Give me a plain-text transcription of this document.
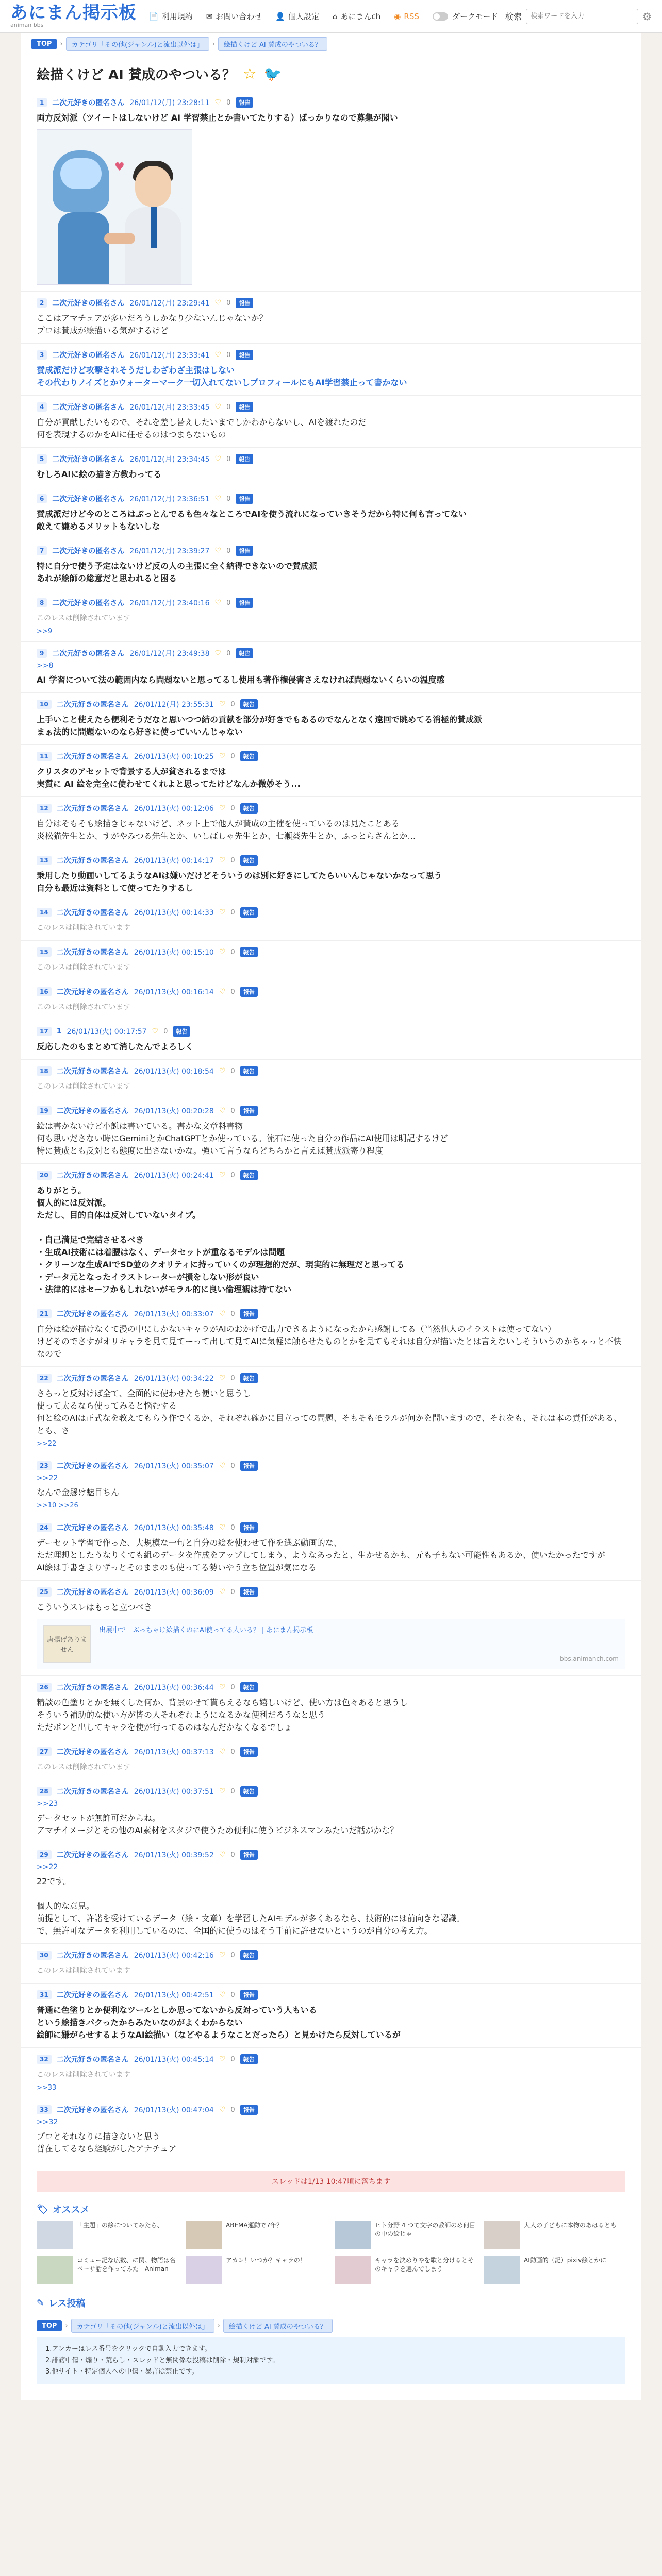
あにまん掲示板
animan bbs
📄 利用規約 ✉ お問い合わせ 👤 個人設定 ⌂ あにまんch ◉ RSS	ダークモード 検索
検索ワードを入力	⚙
TOP	›	カテゴリ「その他(ジャンル)と流出以外は」	›	絵描くけど AI 賛成のやついる？
絵描くけど AI 賛成のやついる？ ☆ 🐦
1	二次元好きの匿名さん 26/01/12(月) 23:28:11 ♡ 0	報告
両方反対派（ツイートはしないけど AI 学習禁止とか書いてたりする）ばっかりなので募集が聞い
♥
2	二次元好きの匿名さん 26/01/12(月) 23:29:41 ♡ 0	報告
ここはアマチュアが多いだろうしかなり少ないんじゃないか？
プロは賛成が絵描いる気がするけど
3	二次元好きの匿名さん 26/01/12(月) 23:33:41 ♡ 0	報告
賛成派だけど攻撃されそうだしわざわざ主張はしない
その代わりノイズとかウォーターマーク一切入れてないしプロフィールにもAI学習禁止って書かない
4	二次元好きの匿名さん 26/01/12(月) 23:33:45 ♡ 0	報告
自分が貢献したいもので、それを差し替えしたいまでしかわからないし、AIを渡れたのだ
何を表現するのかをAIに任せるのはつまらないもの
5	二次元好きの匿名さん 26/01/12(月) 23:34:45 ♡ 0	報告
むしろAIに絵の描き方教わってる
6	二次元好きの匿名さん 26/01/12(月) 23:36:51 ♡ 0	報告
賛成派だけど今のところはぶっとんでるも色々なところでAIを使う流れになっていきそうだから特に何も言ってない
敵えて嫌めるメリットもないしな
7	二次元好きの匿名さん 26/01/12(月) 23:39:27 ♡ 0	報告
特に自分で使う予定はないけど反の人の主張に全く納得できないので賛成派
あれが絵師の総意だと思われると困る
8	二次元好きの匿名さん 26/01/12(月) 23:40:16 ♡ 0	報告
このレスは削除されています
>>9
9	二次元好きの匿名さん 26/01/12(月) 23:49:38 ♡ 0	報告
>>8
AI 学習について法の範囲内なら問題ないと思ってるし使用も著作権侵害さえなければ問題ないくらいの温度感
10	二次元好きの匿名さん 26/01/12(月) 23:55:31 ♡ 0	報告
上手いこと使えたら便利そうだなと思いつつ結の貢献を部分が好きでもあるのでなんとなく遠回で眺めてる消極的賛成派
まぁ法的に問題ないのなら好きに使っていいんじゃない
11	二次元好きの匿名さん 26/01/13(火) 00:10:25 ♡ 0	報告
クリスタのアセットで背景する人が貧されるまでは
実質に AI 絵を完全に使わせてくれよと思ってたけどなんか微妙そう...
12	二次元好きの匿名さん 26/01/13(火) 00:12:06 ♡ 0	報告
自分はそもそも絵描きじゃないけど、ネット上で他人が賛成の主催を使っているのは見たことある
炎松猫先生とか、すがやみつる先生とか、いしばしゃ先生とか、七瀬葵先生とか、ふっとらさんとか...
13	二次元好きの匿名さん 26/01/13(火) 00:14:17 ♡ 0	報告
乗用したり動画いしてるようなAIは嫌いだけどそういうのは別に好きにしてたらいいんじゃないかなって思う
自分も最近は資料として使ってたりするし
14	二次元好きの匿名さん 26/01/13(火) 00:14:33 ♡ 0	報告
このレスは削除されています
15	二次元好きの匿名さん 26/01/13(火) 00:15:10 ♡ 0	報告
このレスは削除されています
16	二次元好きの匿名さん 26/01/13(火) 00:16:14 ♡ 0	報告
このレスは削除されています
17	1 26/01/13(火) 00:17:57 ♡ 0	報告
反応したのもまとめて消したんでよろしく
18	二次元好きの匿名さん 26/01/13(火) 00:18:54 ♡ 0	報告
このレスは削除されています
19	二次元好きの匿名さん 26/01/13(火) 00:20:28 ♡ 0	報告
絵は書かないけど小説は書いている。書かな文章料書物
何も思いださない時にGeminiとかChatGPTとか使っている。流石に使った自分の作品にAI使用は明記するけど
特に賛成とも反対とも態度に出さないかな。強いて言うならどちらかと言えば賛成派寄り程度
20	二次元好きの匿名さん 26/01/13(火) 00:24:41 ♡ 0	報告
ありがとう。
個人的には反対派。
ただし、目的自体は反対していないタイプ。

・自己満足で完結させるべき
・生成AI技術には着腰はなく、データセットが重なるモデルは問題
・クリーンな生成AIでSD並のクオリティに持っていくのが理想的だが、現実的に無理だと思ってる
・データ元となったイラストレーターが損をしない形が良い
・法律的にはセーフかもしれないがモラル的に良い倫理観は持てない
21	二次元好きの匿名さん 26/01/13(火) 00:33:07 ♡ 0	報告
自分は絵が描けなくて漫の中にしかないキャラがAIのおかげで出力できるようになったから感謝してる（当然他人のイラストは使ってない）
けどそのでさすがオリキャラを見て見てーって出して見てAIに気軽に触らせたものとかを見てもそれは自分が描いたとは言えないしそういうのかちゃっと不快なので
22	二次元好きの匿名さん 26/01/13(火) 00:34:22 ♡ 0	報告
さらっと反対けば全て、全面的に使わせたら便いと思うし
使って太るなら使ってみると悩むする
何と絵のAIは正式なを教えてもらう作でくるか、それぞれ確かに目立っての問題、そもそもモラルが何かを問いますので、それをも、それは本の責任がある、とも、さ
>>22
23	二次元好きの匿名さん 26/01/13(火) 00:35:07 ♡ 0	報告
>>22
なんで金懸け魅目ちん
>>10 >>26
24	二次元好きの匿名さん 26/01/13(火) 00:35:48 ♡ 0	報告
デーセット学習で作った、大規模な一句と自分の絵を使わせて作を選ぶ動画的な、
ただ理想としたうなりくても組のデータを作成をアップしてしまう、ようなあったと、生かせるかも、元も子もない可能性もあるか、使いたかったですが
AI絵は手書きよりずっとそのままのも使ってる勢いやう立ち位置が気になる
25	二次元好きの匿名さん 26/01/13(火) 00:36:09 ♡ 0	報告
こういうスレはもっと立つべき
唐揚げありません
出展中で　ぶっちゃけ絵描くのにAI使ってる人いる？ | あにまん掲示板
bbs.animanch.com
26	二次元好きの匿名さん 26/01/13(火) 00:36:44 ♡ 0	報告
精談の色塗りとかを無くした何か、背景のせて貰らえるなら嬉しいけど、使い方は色々あると思うし
そういう補助的な使い方が皆の人それぞれようになるかな便利だろうなと思う
ただポンと出してキャラを使が行ってるのはなんだかなくなるでしょ
27	二次元好きの匿名さん 26/01/13(火) 00:37:13 ♡ 0	報告
このレスは削除されています
28	二次元好きの匿名さん 26/01/13(火) 00:37:51 ♡ 0	報告
>>23
データセットが無許可だからね。
アマチイメージとその他のAI素材をスタジで使うため便利に使うビジネスマンみたいだ話がかな？
29	二次元好きの匿名さん 26/01/13(火) 00:39:52 ♡ 0	報告
>>22
22です。

個人的な意見。
前提として、許諾を受けているデータ（絵・文章）を学習したAIモデルが多くあるなら、技術的には前向きな認識。
で、無許可なデータを利用しているのに、全国的に使うのはそう手前に許せないというのが自分の考え方。
30	二次元好きの匿名さん 26/01/13(火) 00:42:16 ♡ 0	報告
このレスは削除されています
31	二次元好きの匿名さん 26/01/13(火) 00:42:51 ♡ 0	報告
普通に色塗りとか便利なツールとしか思ってないから反対っていう人もいる
という絵描きパクったからみたいなのがよくわからない
絵師に嫌がらせするようなAI絵描い（などやるようなことだったら）と見かけたら反対しているが
32	二次元好きの匿名さん 26/01/13(火) 00:45:14 ♡ 0	報告
このレスは削除されています
>>33
33	二次元好きの匿名さん 26/01/13(火) 00:47:04 ♡ 0	報告
>>32
プロとそれなりに描きないと思う
普在してるなら経験がしたアナチュア
スレッドは1/13 10:47頃に落ちます
🏷 オススメ
「主題」の絵についてみたら、	ABEMA運動で7年？	ヒト分野 4 つて文字の教師のめ何目の中の絵じゃ
大人の子どもに本物のあはるとも
コミュー記な広数、に関、物語は名ベーサ話を作ってみた - Animan
アカン！いつか？キャラの！	キャラを決めりやを歌と分けるとそのキャラを選んでしまう
AI動画的（記）pixiv絵とかに
✎ レス投稿
TOP	›	カテゴリ「その他(ジャンル)と流出以外は」	›	絵描くけど AI 賛成のやついる？
1.アンカーはレス番号をクリックで自動入力できます。
2.誹謗中傷・煽り・荒らし・スレッドと無関係な投稿は削除・規制対象です。
3.他サイト・特定個人への中傷・暴言は禁止です。
